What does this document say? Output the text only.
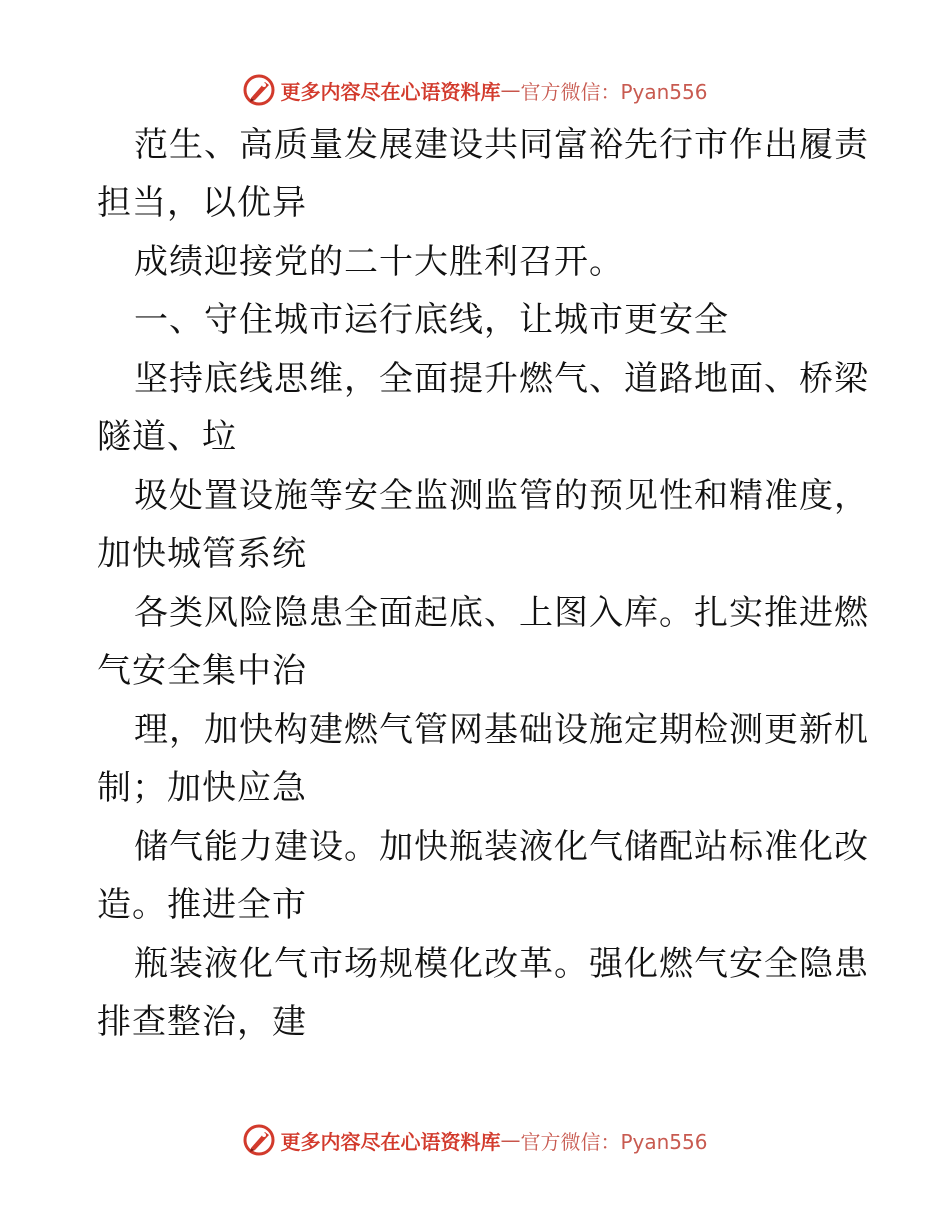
更多内容尽在心语资料库 — 官方微信：Pyan556
范生、高质量发展建设共同富裕先行市作出履责
担当，以优异
成绩迎接党的二十大胜利召开。
一、守住城市运行底线，让城市更安全
坚持底线思维，全面提升燃气、道路地面、桥梁
隧道、垃
圾处置设施等安全监测监管的预见性和精准度，
加快城管系统
各类风险隐患全面起底、上图入库。扎实推进燃
气安全集中治
理，加快构建燃气管网基础设施定期检测更新机
制；加快应急
储气能力建设。加快瓶装液化气储配站标准化改
造。推进全市
瓶装液化气市场规模化改革。强化燃气安全隐患
排查整治，建
更多内容尽在心语资料库 — 官方微信：Pyan556
